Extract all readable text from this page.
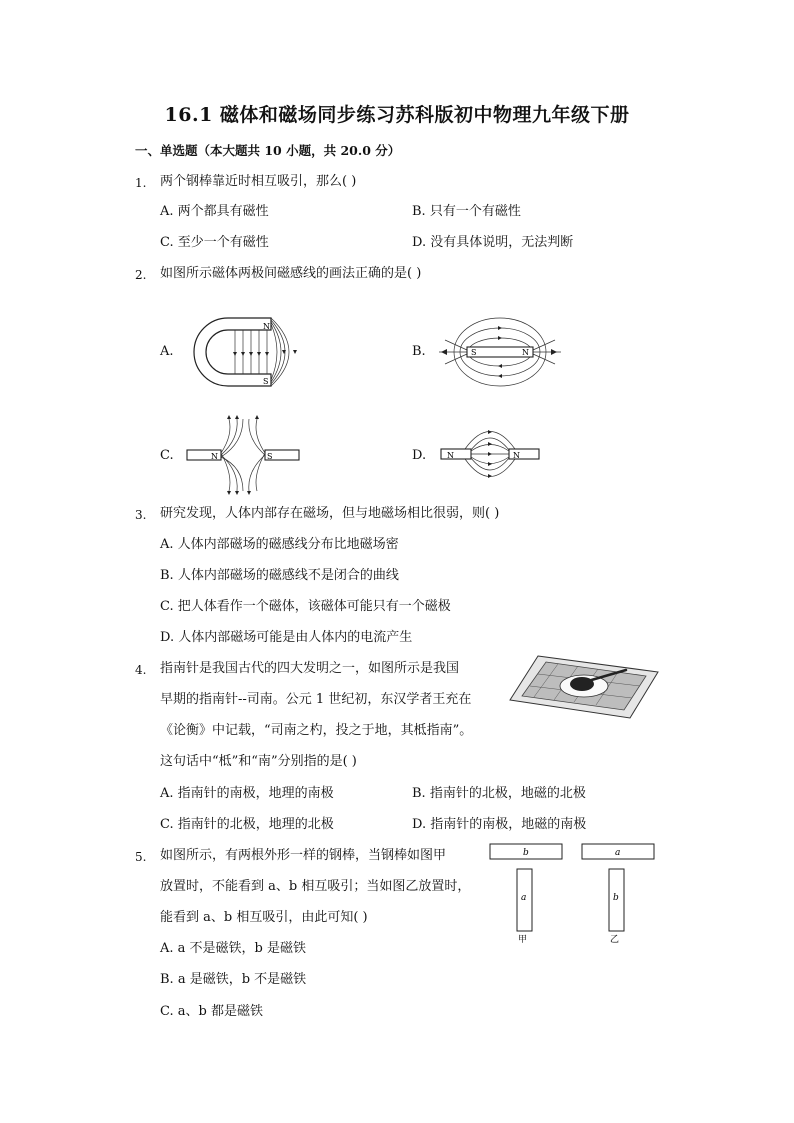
16.1 磁体和磁场同步练习苏科版初中物理九年级下册
一、单选题（本大题共 10 小题，共 20.0 分）
1. 两个钢棒靠近时相互吸引，那么( )
A. 两个都具有磁性	B. 只有一个有磁性
C. 至少一个有磁性	D. 没有具体说明，无法判断
2. 如图所示磁体两极间磁感线的画法正确的是( )
A.
N
S
B.	S	N
C.	N	S	D.	N	N
3. 研究发现，人体内部存在磁场，但与地磁场相比很弱，则( )
A. 人体内部磁场的磁感线分布比地磁场密
B. 人体内部磁场的磁感线不是闭合的曲线
C. 把人体看作一个磁体，该磁体可能只有一个磁极
D. 人体内部磁场可能是由人体内的电流产生
4. 指南针是我国古代的四大发明之一，如图所示是我国
早期的指南针--司南。公元 1 世纪初，东汉学者王充在
《论衡》中记载，“司南之杓，投之于地，其柢指南”。
这句话中“柢”和“南”分别指的是( )
A. 指南针的南极，地理的南极	B. 指南针的北极，地磁的北极
C. 指南针的北极，地理的北极	D. 指南针的南极，地磁的南极
5. 如图所示，有两根外形一样的钢棒，当钢棒如图甲
放置时，不能看到 a、b 相互吸引；当如图乙放置时，
能看到 a、b 相互吸引，由此可知( )
b
a
a
b
甲	乙
A. a 不是磁铁，b 是磁铁
B. a 是磁铁，b 不是磁铁
C. a、b 都是磁铁
